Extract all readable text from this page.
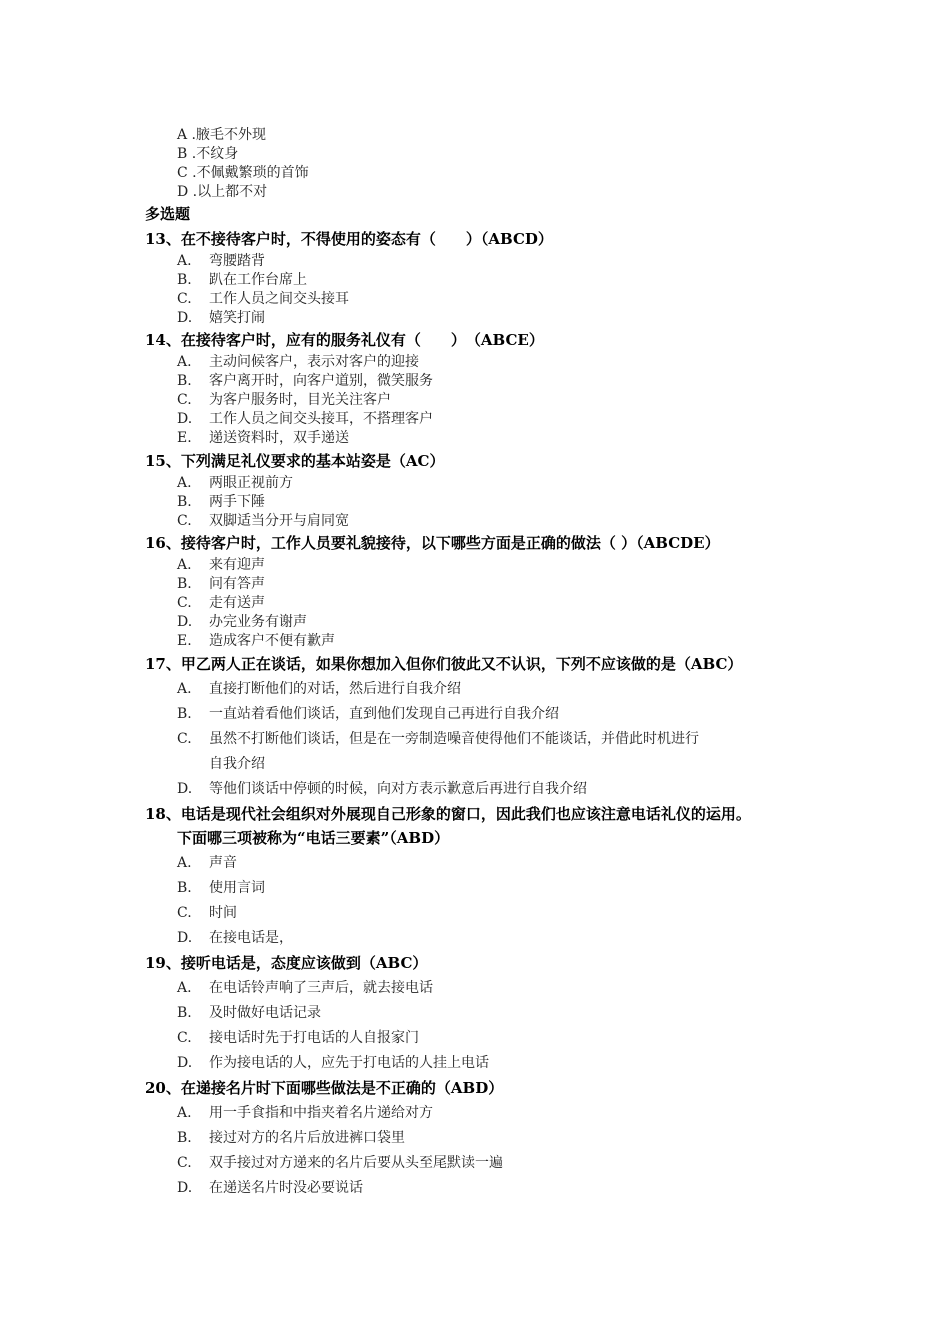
A .腋毛不外现
B .不纹身
C .不佩戴繁琐的首饰
D .以上都不对
多选题
13、在不接待客户时，不得使用的姿态有（　　）（ABCD）
A. 弯腰踏背
B. 趴在工作台席上
C. 工作人员之间交头接耳
D. 嬉笑打闹
14、在接待客户时，应有的服务礼仪有（　　）　（ABCE）
A. 主动问候客户，表示对客户的迎接
B. 客户离开时，向客户道别，微笑服务
C. 为客户服务时，目光关注客户
D. 工作人员之间交头接耳，不搭理客户
E. 递送资料时，双手递送
15、下列满足礼仪要求的基本站姿是（AC）
A. 两眼正视前方
B. 两手下陲
C. 双脚适当分开与肩同宽
16、接待客户时，工作人员要礼貌接待，以下哪些方面是正确的做法（ ）（ABCDE）
A. 来有迎声
B. 问有答声
C. 走有送声
D. 办完业务有谢声
E. 造成客户不便有歉声
17、甲乙两人正在谈话，如果你想加入但你们彼此又不认识，下列不应该做的是（ABC）
A. 直接打断他们的对话，然后进行自我介绍
B. 一直站着看他们谈话，直到他们发现自己再进行自我介绍
C. 虽然不打断他们谈话，但是在一旁制造噪音使得他们不能谈话，并借此时机进行
自我介绍
D. 等他们谈话中停顿的时候，向对方表示歉意后再进行自我介绍
18、电话是现代社会组织对外展现自己形象的窗口，因此我们也应该注意电话礼仪的运用。
下面哪三项被称为“电话三要素”（ABD）
A. 声音
B. 使用言词
C. 时间
D. 在接电话是，
19、接听电话是，态度应该做到（ABC）
A. 在电话铃声响了三声后，就去接电话
B. 及时做好电话记录
C. 接电话时先于打电话的人自报家门
D. 作为接电话的人，应先于打电话的人挂上电话
20、在递接名片时下面哪些做法是不正确的（ABD）
A. 用一手食指和中指夹着名片递给对方
B. 接过对方的名片后放进裤口袋里
C. 双手接过对方递来的名片后要从头至尾默读一遍
D. 在递送名片时没必要说话
